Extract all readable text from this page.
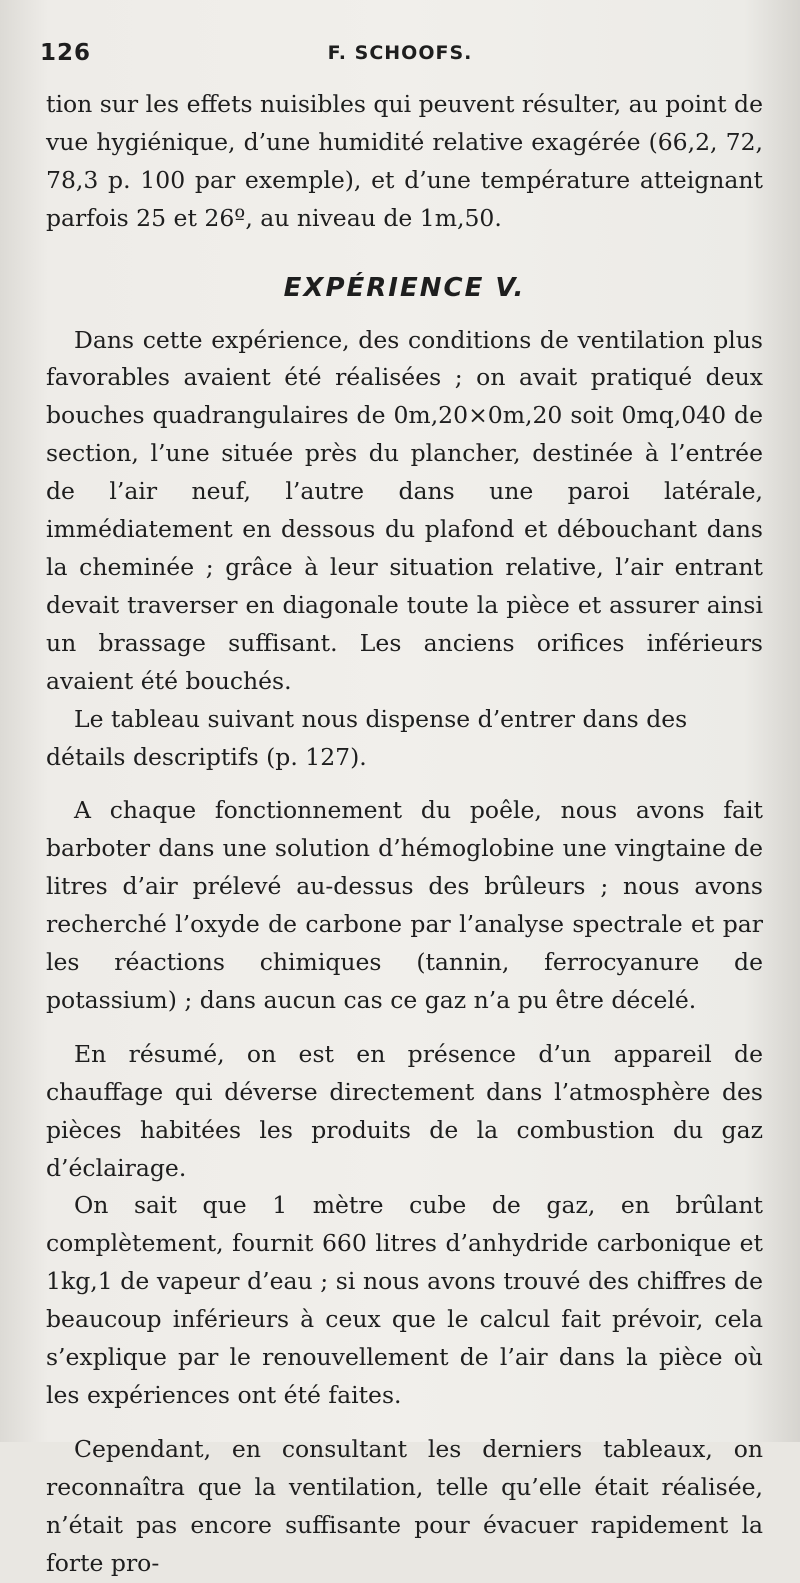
126	F. SCHOOFS.

tion sur les effets nuisibles qui peuvent résulter, au point de vue hygiénique, d’une humidité relative exagérée (66,2, 72, 78,3 p. 100 par exemple), et d’une température atteignant parfois 25 et 26º, au niveau de 1m,50.

EXPÉRIENCE V.

Dans cette expérience, des conditions de ventilation plus favorables avaient été réalisées ; on avait pratiqué deux bouches quadrangulaires de 0m,20×0m,20 soit 0mq,040 de section, l’une située près du plancher, destinée à l’entrée de l’air neuf, l’autre dans une paroi latérale, immédiatement en dessous du plafond et débouchant dans la cheminée ; grâce à leur situation relative, l’air entrant devait traverser en diagonale toute la pièce et assurer ainsi un brassage suffisant. Les anciens orifices inférieurs avaient été bouchés.

Le tableau suivant nous dispense d’entrer dans des détails descriptifs (p. 127).

A chaque fonctionnement du poêle, nous avons fait barboter dans une solution d’hémoglobine une vingtaine de litres d’air prélevé au-dessus des brûleurs ; nous avons recherché l’oxyde de carbone par l’analyse spectrale et par les réactions chimiques (tannin, ferrocyanure de potassium) ; dans aucun cas ce gaz n’a pu être décelé.

En résumé, on est en présence d’un appareil de chauffage qui déverse directement dans l’atmosphère des pièces habitées les produits de la combustion du gaz d’éclairage.

On sait que 1 mètre cube de gaz, en brûlant complètement, fournit 660 litres d’anhydride carbonique et 1kg,1 de vapeur d’eau ; si nous avons trouvé des chiffres de beaucoup inférieurs à ceux que le calcul fait prévoir, cela s’explique par le renouvellement de l’air dans la pièce où les expériences ont été faites.

Cependant, en consultant les derniers tableaux, on reconnaîtra que la ventilation, telle qu’elle était réalisée, n’était pas encore suffisante pour évacuer rapidement la forte pro-
